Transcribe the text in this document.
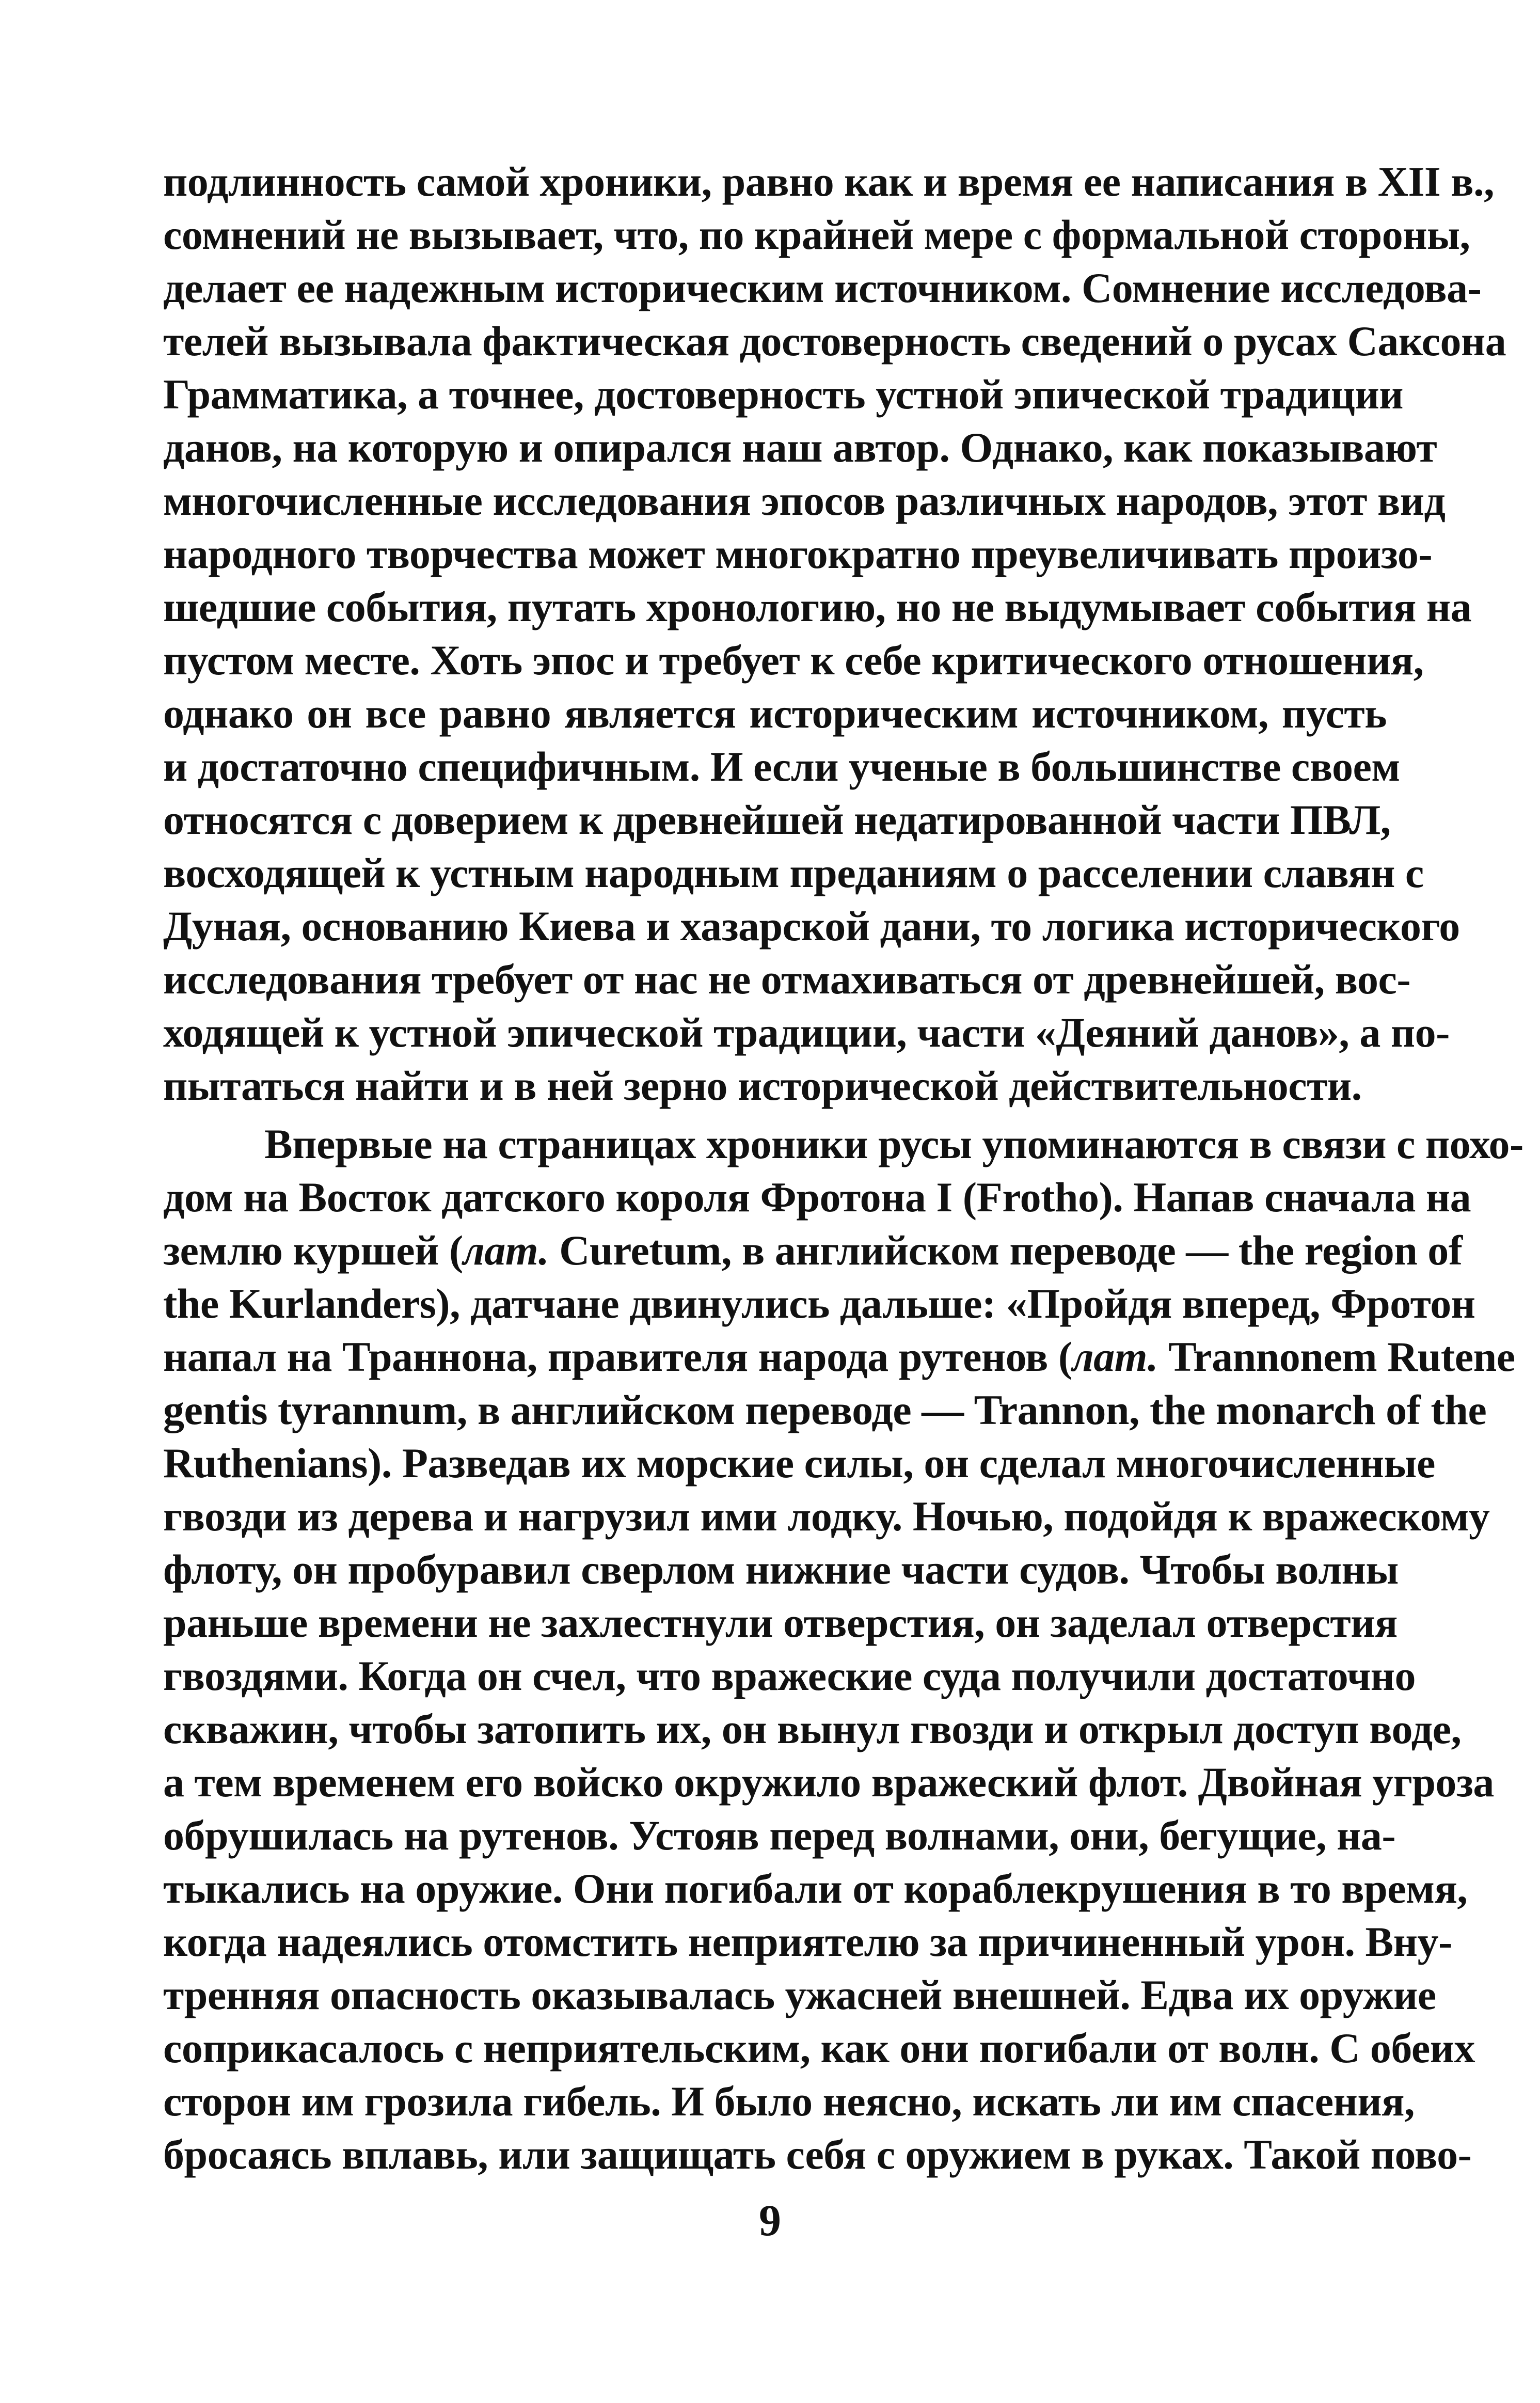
подлинность самой хроники, равно как и время ее написания в XII в.,
сомнений не вызывает, что, по крайней мере с формальной стороны,
делает ее надежным историческим источником. Сомнение исследова-
телей вызывала фактическая достоверность сведений о русах Саксона
Грамматика, а точнее, достоверность устной эпической традиции
данов, на которую и опирался наш автор. Однако, как показывают
многочисленные исследования эпосов различных народов, этот вид
народного творчества может многократно преувеличивать произо-
шедшие события, путать хронологию, но не выдумывает события на
пустом месте. Хоть эпос и требует к себе критического отношения,
однако он все равно является историческим источником, пусть
и достаточно специфичным. И если ученые в большинстве своем
относятся с доверием к древнейшей недатированной части ПВЛ,
восходящей к устным народным преданиям о расселении славян с
Дуная, основанию Киева и хазарской дани, то логика исторического
исследования требует от нас не отмахиваться от древнейшей, вос-
ходящей к устной эпической традиции, части «Деяний данов», а по-
пытаться найти и в ней зерно исторической действительности.
Впервые на страницах хроники русы упоминаются в связи с похо-
дом на Восток датского короля Фротона I (Frotho). Напав сначала на
землю куршей (лат. Curetum, в английском переводе — the region of
the Kurlanders), датчане двинулись дальше: «Пройдя вперед, Фротон
напал на Траннона, правителя народа рутенов (лат. Trannonem Rutene
gentis tyrannum, в английском переводе — Trannon, the monarch of the
Ruthenians). Разведав их морские силы, он сделал многочисленные
гвозди из дерева и нагрузил ими лодку. Ночью, подойдя к вражескому
флоту, он пробуравил сверлом нижние части судов. Чтобы волны
раньше времени не захлестнули отверстия, он заделал отверстия
гвоздями. Когда он счел, что вражеские суда получили достаточно
скважин, чтобы затопить их, он вынул гвозди и открыл доступ воде,
а тем временем его войско окружило вражеский флот. Двойная угроза
обрушилась на рутенов. Устояв перед волнами, они, бегущие, на-
тыкались на оружие. Они погибали от кораблекрушения в то время,
когда надеялись отомстить неприятелю за причиненный урон. Вну-
тренняя опасность оказывалась ужасней внешней. Едва их оружие
соприкасалось с неприятельским, как они погибали от волн. С обеих
сторон им грозила гибель. И было неясно, искать ли им спасения,
бросаясь вплавь, или защищать себя с оружием в руках. Такой пово-
9
